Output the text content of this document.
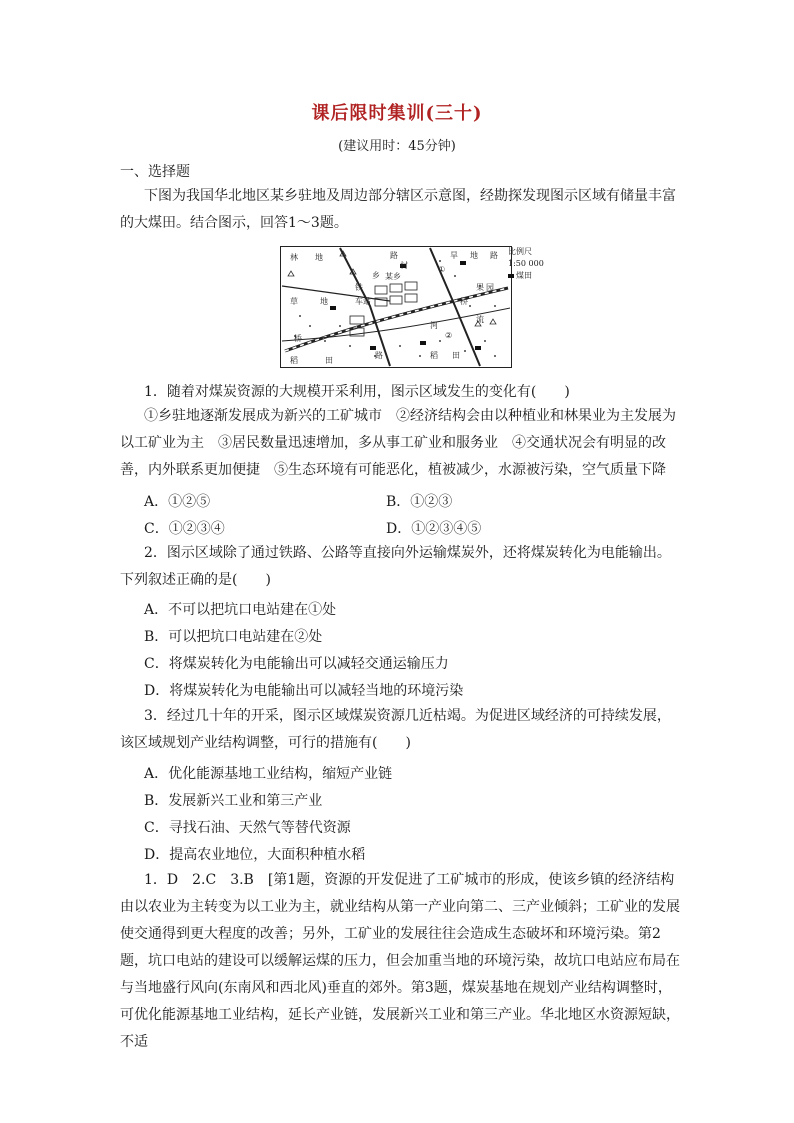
课后限时集训(三十)
(建议用时：45分钟)
一、选择题
下图为我国华北地区某乡驻地及周边部分辖区示意图，经勘探发现图示区域有储量丰富的大煤田。结合图示，回答1～3题。
林 地	路
村
旱 地 路
乡 某乡
铁
车站
①
草	地	桥
果 园
河
流
②
桥
稻	田
路	稻 田
比例尺
1:50 000
煤田
1．随着对煤炭资源的大规模开采利用，图示区域发生的变化有(　　)
①乡驻地逐渐发展成为新兴的工矿城市　②经济结构会由以种植业和林果业为主发展为以工矿业为主　③居民数量迅速增加，多从事工矿业和服务业　④交通状况会有明显的改善，内外联系更加便捷　⑤生态环境有可能恶化，植被减少，水源被污染，空气质量下降
A．①②⑤	B．①②③
C．①②③④	D．①②③④⑤
2．图示区域除了通过铁路、公路等直接向外运输煤炭外，还将煤炭转化为电能输出。下列叙述正确的是(　　)
A．不可以把坑口电站建在①处
B．可以把坑口电站建在②处
C．将煤炭转化为电能输出可以减轻交通运输压力
D．将煤炭转化为电能输出可以减轻当地的环境污染
3．经过几十年的开采，图示区域煤炭资源几近枯竭。为促进区域经济的可持续发展，该区域规划产业结构调整，可行的措施有(　　)
A．优化能源基地工业结构，缩短产业链
B．发展新兴工业和第三产业
C．寻找石油、天然气等替代资源
D．提高农业地位，大面积种植水稻
1．D　2.C　3.B　[第1题，资源的开发促进了工矿城市的形成，使该乡镇的经济结构由以农业为主转变为以工业为主，就业结构从第一产业向第二、三产业倾斜；工矿业的发展使交通得到更大程度的改善；另外，工矿业的发展往往会造成生态破坏和环境污染。第2题，坑口电站的建设可以缓解运煤的压力，但会加重当地的环境污染，故坑口电站应布局在与当地盛行风向(东南风和西北风)垂直的郊外。第3题，煤炭基地在规划产业结构调整时，可优化能源基地工业结构，延长产业链，发展新兴工业和第三产业。华北地区水资源短缺，不适
